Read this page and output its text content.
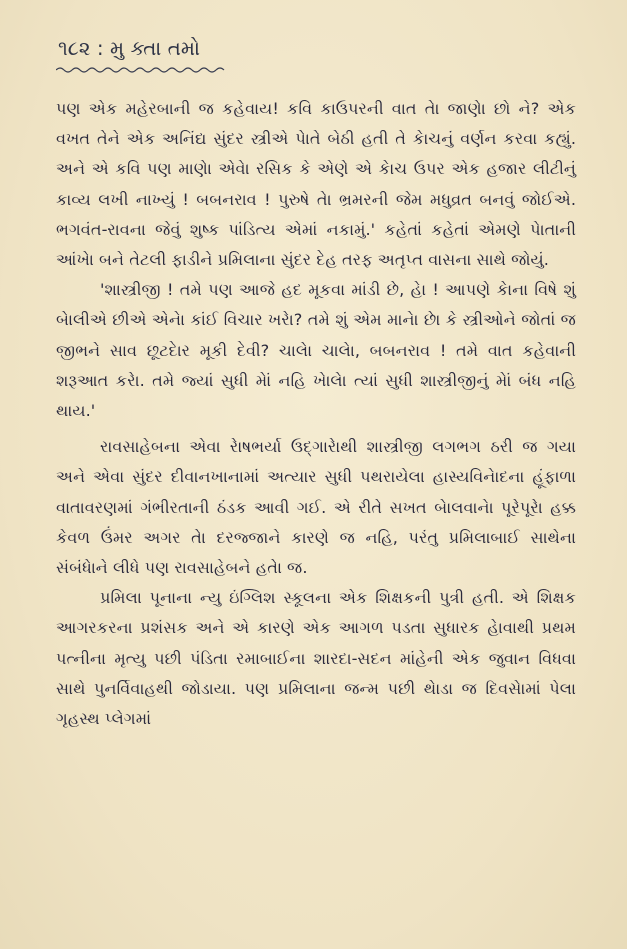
૧૮૨ : મુ ક્તા તમો

પણ એક મહેરબાની જ કહેવાય! કવિ કાઉપરની વાત તેા જાણેા છો ને? એક વખત તેને એક અનિંદ્ય સુંદર સ્ત્રીએ પેાતે બેઠી હતી તે કેાચનું વર્ણન કરવા કહ્યું. અને એ કવિ પણ માણેા એવેા રસિક કે એણે એ કેાચ ઉપર એક હજાર લીટીનું કાવ્ય લખી નાખ્યું ! બબનરાવ ! પુરુષે તેા ભ્રમરની જેમ મધુવ્રત બનવું જોઈએ. ભગવંત-રાવના જેવું શુષ્ક પાંડિત્ય એમાં નકામું.' કહેતાં કહેતાં એમણે પેાતાની આંખેા બને તેટલી ફાડીને પ્રમિલાના સુંદર દેહ તરફ અતૃપ્ત વાસના સાથે જોયું.

'શાસ્ત્રીજી ! તમે પણ આજે હદ મૂકવા માંડી છે, હેા ! આપણે કેાના વિષે શું બેાલીએ છીએ એનેા કાંઈ વિચાર ખરેા? તમે શું એમ માનેા છેા કે સ્ત્રીઓને જોતાં જ જીભને સાવ છૂટદેાર મૂકી દેવી? ચાલેા ચાલેા, બબનરાવ ! તમે વાત કહેવાની શરૂઆત કરેા. તમે જ્યાં સુધી મેાં નહિ ખેાલેા ત્યાં સુધી શાસ્ત્રીજીનું મેાં બંધ નહિ થાય.'

રાવસાહેબના એવા રેાષભર્યા ઉદ્ગારેાથી શાસ્ત્રીજી લગભગ ઠરી જ ગયા અને એવા સુંદર દીવાનખાનામાં અત્યાર સુધી પથરાયેલા હાસ્યવિનેાદના હૂંફાળા વાતાવરણમાં ગંભીરતાની ઠંડક આવી ગઈ. એ રીતે સખત બેાલવાનેા પૂરેપૂરેા હક્ક કેવળ ઉંમર અગર તેા દરજ્જાને કારણે જ નહિ, પરંતુ પ્રમિલાબાઈ સાથેના સંબંધેાને લીધે પણ રાવસાહેબને હતેા જ.

પ્રમિલા પૂનાના ન્યુ ઇંગ્લિશ સ્કૂલના એક શિક્ષકની પુત્રી હતી. એ શિક્ષક આગરકરના પ્રશંસક અને એ કારણે એક આગળ પડતા સુધારક હેાવાથી પ્રથમ પત્નીના મૃત્યુ પછી પંડિતા રમાબાઈના શારદા-સદન માંહેની એક જુવાન વિધવા સાથે પુનર્વિવાહથી જોડાયા. પણ પ્રમિલાના જન્મ પછી થેાડા જ દિવસેામાં પેલા ગૃહસ્થ પ્લેગમાં
